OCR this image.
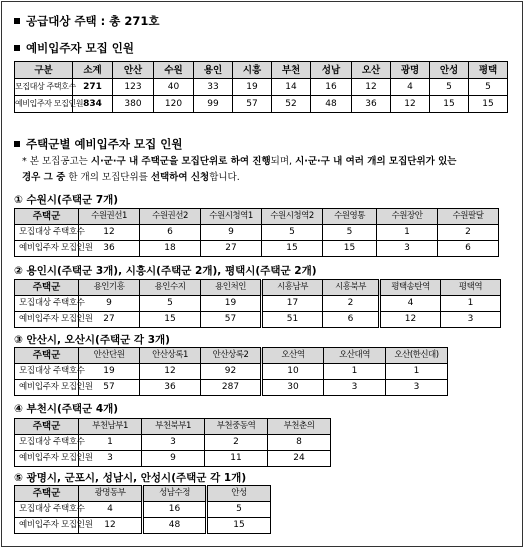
공급대상 주택 : 총 271호
예비입주자 모집 인원
구분	소계	안산	수원	용인	시흥	부천	성남	오산	광명	안성	평택
모집대상 주택호수	271	123	40	33	19	14	16	12	4	5	5
예비입주자 모집인원	834	380	120	99	57	52	48	36	12	15	15
주택군별 예비입주자 모집 인원
* 본 모집공고는 시·군·구 내 주택군을 모집단위로 하여 진행되며, 시·군·구 내 여러 개의 모집단위가 있는
경우 그 중 한 개의 모집단위를 선택하여 신청합니다.
① 수원시(주택군 7개)
주택군	수원권선1	수원권선2	수원시청역1	수원시청역2	수원영통	수원장안	수원팔달
모집대상 주택호수	12	6	9	5	5	1	2
예비입주자 모집인원	36	18	27	15	15	3	6
② 용인시(주택군 3개), 시흥시(주택군 2개), 평택시(주택군 2개)
주택군	용인기흥	용인수지	용인처인	시흥남부	시흥북부	평택송탄역	평택역
모집대상 주택호수	9	5	19	17	2	4	1
예비입주자 모집인원	27	15	57	51	6	12	3
③ 안산시, 오산시(주택군 각 3개)
주택군	안산단원	안산상록1	안산상록2	오산역	오산대역	오산(한신대)
모집대상 주택호수	19	12	92	10	1	1
예비입주자 모집인원	57	36	287	30	3	3
④ 부천시(주택군 4개)
주택군	부천남부1	부천북부1	부천중동역	부천춘의
모집대상 주택호수	1	3	2	8
예비입주자 모집인원	3	9	11	24
⑤ 광명시, 군포시, 성남시, 안성시(주택군 각 1개)
주택군	광명동부	성남수정	안성
모집대상 주택호수	4	16	5
예비입주자 모집인원	12	48	15
